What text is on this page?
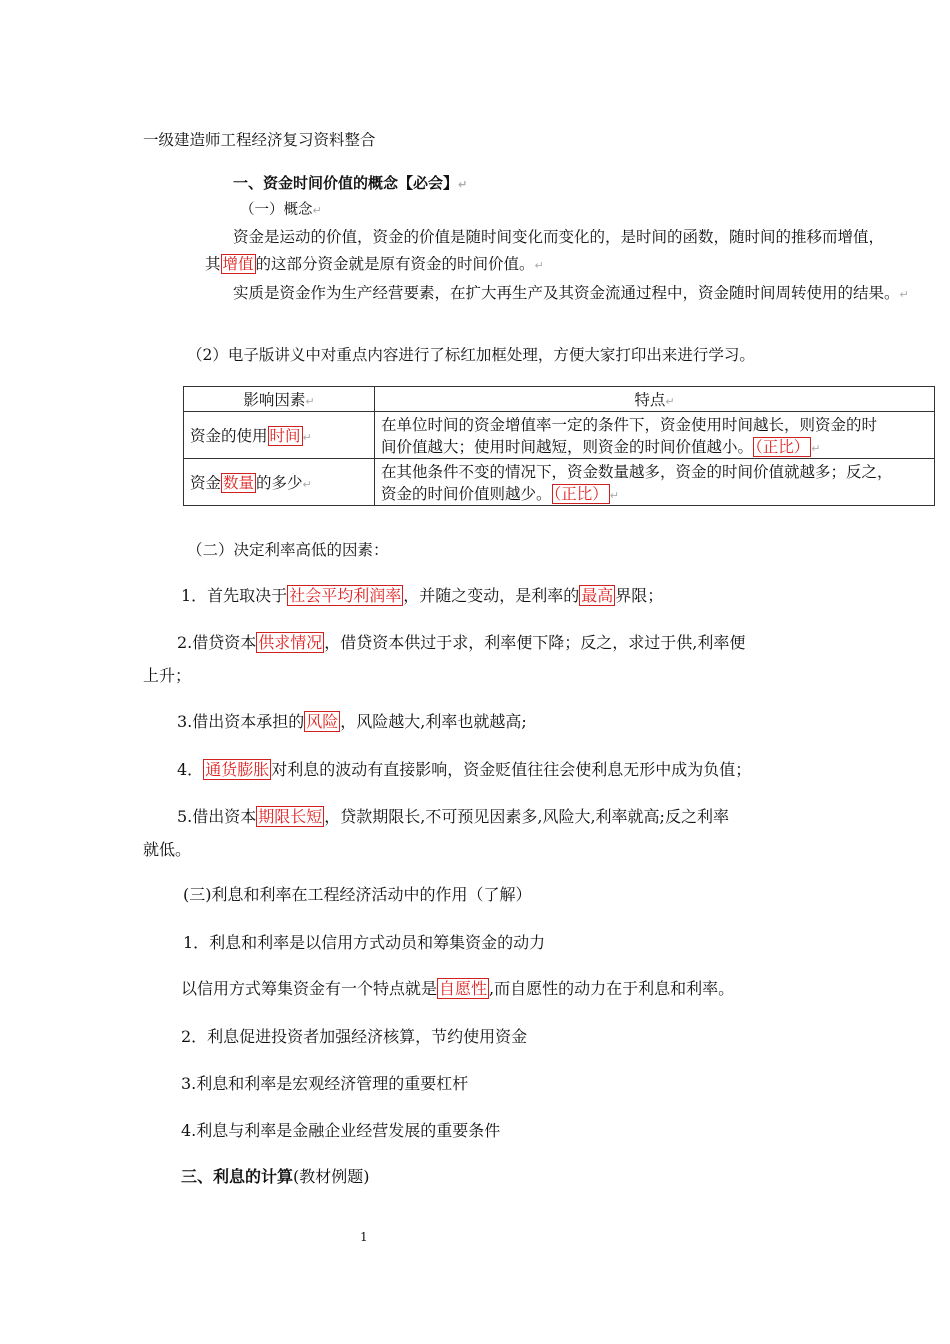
一级建造师工程经济复习资料整合
一、资金时间价值的概念【必会】↵
（一）概念↵
资金是运动的价值，资金的价值是随时间变化而变化的，是时间的函数，随时间的推移而增值，
其 增值 的这部分资金就是原有资金的时间价值。↵
实质是资金作为生产经营要素，在扩大再生产及其资金流通过程中，资金随时间周转使用的结果。↵
（2）电子版讲义中对重点内容进行了标红加框处理，方便大家打印出来进行学习。
影响因素↵	特点↵
资金的使用 时间 ↵	在单位时间的资金增值率一定的条件下，资金使用时间越长，则资金的时
间价值越大；使用时间越短，则资金的时间价值越小。 （正比） ↵

资金 数量 的多少↵	在其他条件不变的情况下，资金数量越多，资金的时间价值就越多；反之，
资金的时间价值则越少。 （正比） ↵

（二）决定利率高低的因素：
1．首先取决于 社会平均利润率 ，并随之变动，是利率的 最高 界限；
2.借贷资本 供求情况 ，借贷资本供过于求，利率便下降；反之，求过于供,利率便
上升；
3.借出资本承担的 风险 ，风险越大,利率也就越高;
4． 通货膨胀 对利息的波动有直接影响，资金贬值往往会使利息无形中成为负值；
5.借出资本 期限长短 ，贷款期限长,不可预见因素多,风险大,利率就高;反之利率
就低。
(三)利息和利率在工程经济活动中的作用（了解）
1．利息和利率是以信用方式动员和筹集资金的动力
以信用方式筹集资金有一个特点就是 自愿性 ,而自愿性的动力在于利息和利率。
2．利息促进投资者加强经济核算，节约使用资金
3.利息和利率是宏观经济管理的重要杠杆
4.利息与利率是金融企业经营发展的重要条件
三、利息的计算(教材例题)
1
